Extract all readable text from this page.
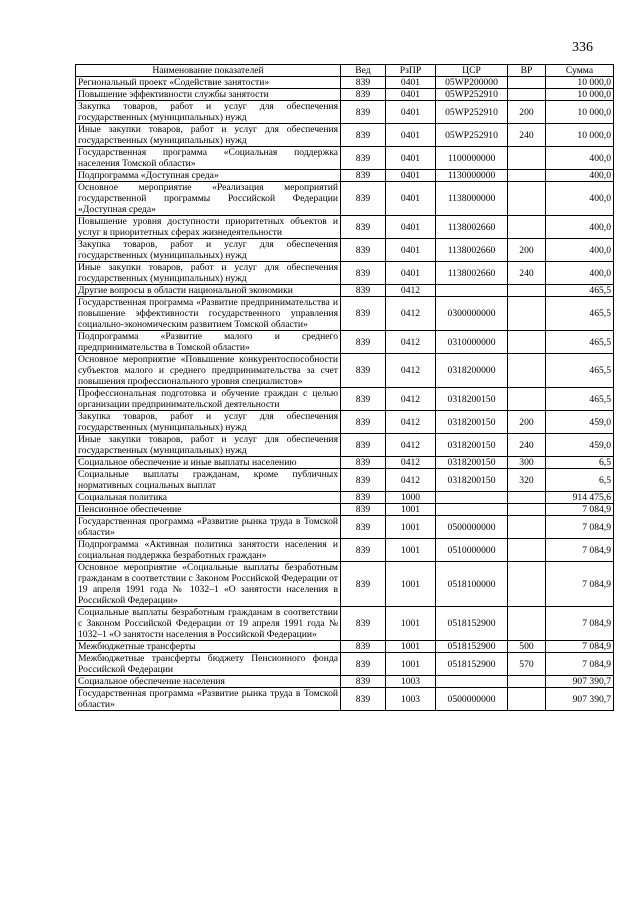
336
Наименование показателей	Вед	РзПР	ЦСР	ВР	Сумма
Региональный проект «Содействие занятости»	839	0401	05WP200000		10 000,0
Повышение эффективности службы занятости	839	0401	05WP252910		10 000,0
Закупка товаров, работ и услуг для обеспечения государственных (муниципальных) нужд	839	0401	05WP252910	200	10 000,0
Иные закупки товаров, работ и услуг для обеспечения государственных (муниципальных) нужд	839	0401	05WP252910	240	10 000,0
Государственная программа «Социальная поддержка населения Томской области»	839	0401	1100000000		400,0
Подпрограмма «Доступная среда»	839	0401	1130000000		400,0
Основное мероприятие «Реализация мероприятий государственной программы Российской Федерации «Доступная среда»	839	0401	1138000000		400,0
Повышение уровня доступности приоритетных объектов и услуг в приоритетных сферах жизнедеятельности	839	0401	1138002660		400,0
Закупка товаров, работ и услуг для обеспечения государственных (муниципальных) нужд	839	0401	1138002660	200	400,0
Иные закупки товаров, работ и услуг для обеспечения государственных (муниципальных) нужд	839	0401	1138002660	240	400,0
Другие вопросы в области национальной экономики	839	0412			465,5
Государственная программа «Развитие предпринимательства и повышение эффективности государственного управления социально-экономическим развитием Томской области»	839	0412	0300000000		465,5
Подпрограмма «Развитие малого и среднего предпринимательства в Томской области»	839	0412	0310000000		465,5
Основное мероприятие «Повышение конкурентоспособности субъектов малого и среднего предпринимательства за счет повышения профессионального уровня специалистов»	839	0412	0318200000		465,5
Профессиональная подготовка и обучение граждан с целью организации предпринимательской деятельности	839	0412	0318200150		465,5
Закупка товаров, работ и услуг для обеспечения государственных (муниципальных) нужд	839	0412	0318200150	200	459,0
Иные закупки товаров, работ и услуг для обеспечения государственных (муниципальных) нужд	839	0412	0318200150	240	459,0
Социальное обеспечение и иные выплаты населению	839	0412	0318200150	300	6,5
Социальные выплаты гражданам, кроме публичных нормативных социальных выплат	839	0412	0318200150	320	6,5
Социальная политика	839	1000			914 475,6
Пенсионное обеспечение	839	1001			7 084,9
Государственная программа «Развитие рынка труда в Томской области»	839	1001	0500000000		7 084,9
Подпрограмма «Активная политика занятости населения и социальная поддержка безработных граждан»	839	1001	0510000000		7 084,9
Основное мероприятие «Социальные выплаты безработным гражданам в соответствии с Законом Российской Федерации от 19 апреля 1991 года № 1032–1 «О занятости населения в Российской Федерации»	839	1001	0518100000		7 084,9
Социальные выплаты безработным гражданам в соответствии с Законом Российской Федерации от 19 апреля 1991 года № 1032–1 «О занятости населения в Российской Федерации»	839	1001	0518152900		7 084,9
Межбюджетные трансферты	839	1001	0518152900	500	7 084,9
Межбюджетные трансферты бюджету Пенсионного фонда Российской Федерации	839	1001	0518152900	570	7 084,9
Социальное обеспечение населения	839	1003			907 390,7
Государственная программа «Развитие рынка труда в Томской области»	839	1003	0500000000		907 390,7
